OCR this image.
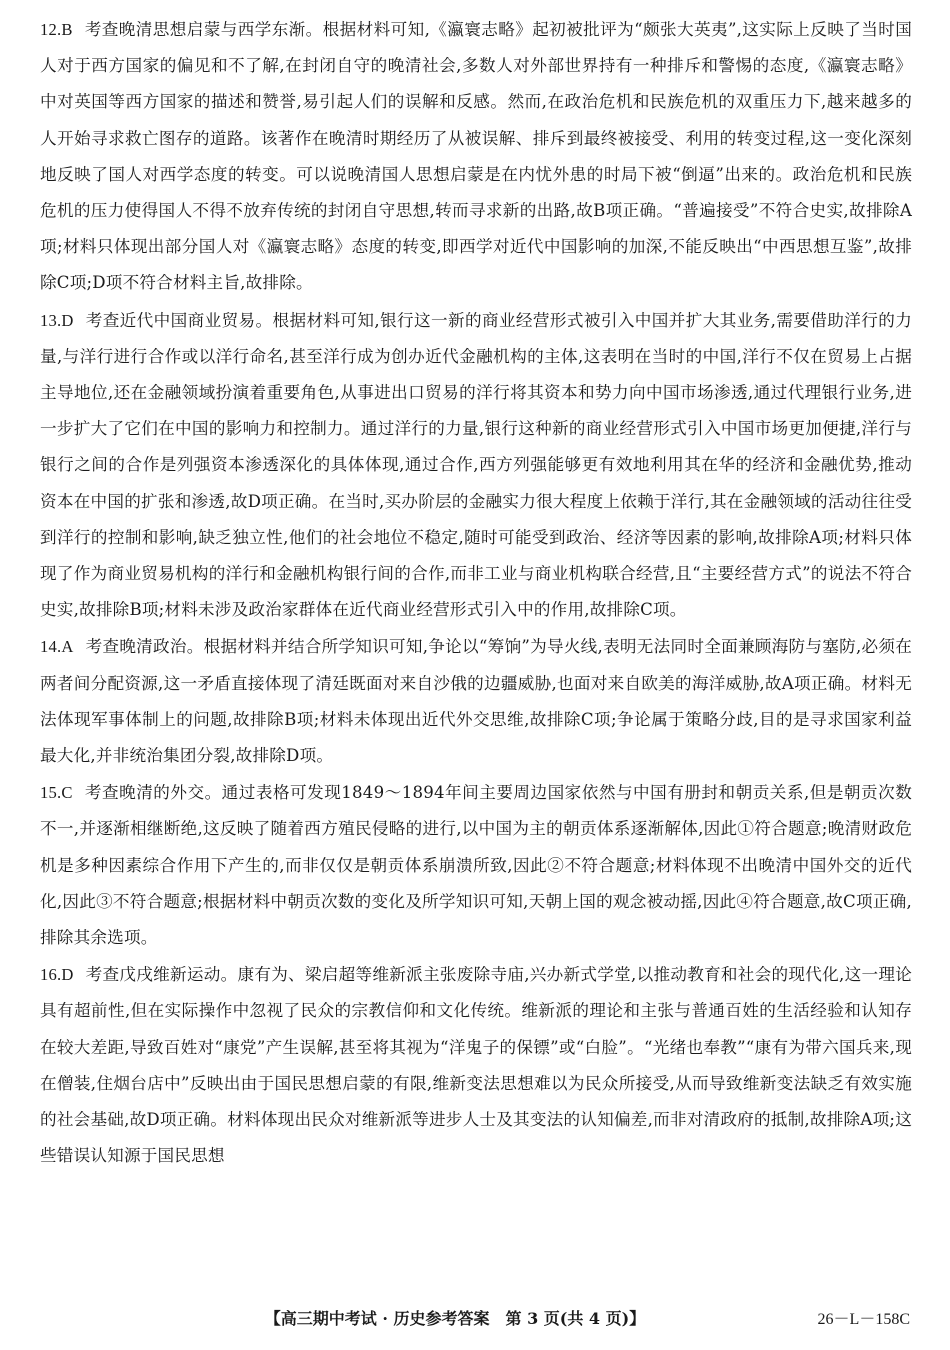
12.B 考查晚清思想启蒙与西学东渐。根据材料可知,《瀛寰志略》起初被批评为“颇张大英夷”,这实际上反映了当时国人对于西方国家的偏见和不了解,在封闭自守的晚清社会,多数人对外部世界持有一种排斥和警惕的态度,《瀛寰志略》中对英国等西方国家的描述和赞誉,易引起人们的误解和反感。然而,在政治危机和民族危机的双重压力下,越来越多的人开始寻求救亡图存的道路。该著作在晚清时期经历了从被误解、排斥到最终被接受、利用的转变过程,这一变化深刻地反映了国人对西学态度的转变。可以说晚清国人思想启蒙是在内忧外患的时局下被“倒逼”出来的。政治危机和民族危机的压力使得国人不得不放弃传统的封闭自守思想,转而寻求新的出路,故B项正确。“普遍接受”不符合史实,故排除A项;材料只体现出部分国人对《瀛寰志略》态度的转变,即西学对近代中国影响的加深,不能反映出“中西思想互鉴”,故排除C项;D项不符合材料主旨,故排除。

13.D 考查近代中国商业贸易。根据材料可知,银行这一新的商业经营形式被引入中国并扩大其业务,需要借助洋行的力量,与洋行进行合作或以洋行命名,甚至洋行成为创办近代金融机构的主体,这表明在当时的中国,洋行不仅在贸易上占据主导地位,还在金融领域扮演着重要角色,从事进出口贸易的洋行将其资本和势力向中国市场渗透,通过代理银行业务,进一步扩大了它们在中国的影响力和控制力。通过洋行的力量,银行这种新的商业经营形式引入中国市场更加便捷,洋行与银行之间的合作是列强资本渗透深化的具体体现,通过合作,西方列强能够更有效地利用其在华的经济和金融优势,推动资本在中国的扩张和渗透,故D项正确。在当时,买办阶层的金融实力很大程度上依赖于洋行,其在金融领域的活动往往受到洋行的控制和影响,缺乏独立性,他们的社会地位不稳定,随时可能受到政治、经济等因素的影响,故排除A项;材料只体现了作为商业贸易机构的洋行和金融机构银行间的合作,而非工业与商业机构联合经营,且“主要经营方式”的说法不符合史实,故排除B项;材料未涉及政治家群体在近代商业经营形式引入中的作用,故排除C项。

14.A 考查晚清政治。根据材料并结合所学知识可知,争论以“筹饷”为导火线,表明无法同时全面兼顾海防与塞防,必须在两者间分配资源,这一矛盾直接体现了清廷既面对来自沙俄的边疆威胁,也面对来自欧美的海洋威胁,故A项正确。材料无法体现军事体制上的问题,故排除B项;材料未体现出近代外交思维,故排除C项;争论属于策略分歧,目的是寻求国家利益最大化,并非统治集团分裂,故排除D项。

15.C 考查晚清的外交。通过表格可发现1849～1894年间主要周边国家依然与中国有册封和朝贡关系,但是朝贡次数不一,并逐渐相继断绝,这反映了随着西方殖民侵略的进行,以中国为主的朝贡体系逐渐解体,因此①符合题意;晚清财政危机是多种因素综合作用下产生的,而非仅仅是朝贡体系崩溃所致,因此②不符合题意;材料体现不出晚清中国外交的近代化,因此③不符合题意;根据材料中朝贡次数的变化及所学知识可知,天朝上国的观念被动摇,因此④符合题意,故C项正确,排除其余选项。

16.D 考查戊戌维新运动。康有为、梁启超等维新派主张废除寺庙,兴办新式学堂,以推动教育和社会的现代化,这一理论具有超前性,但在实际操作中忽视了民众的宗教信仰和文化传统。维新派的理论和主张与普通百姓的生活经验和认知存在较大差距,导致百姓对“康党”产生误解,甚至将其视为“洋鬼子的保镖”或“白脸”。“光绪也奉教”“康有为带六国兵来,现在僧装,住烟台店中”反映出由于国民思想启蒙的有限,维新变法思想难以为民众所接受,从而导致维新变法缺乏有效实施的社会基础,故D项正确。材料体现出民众对维新派等进步人士及其变法的认知偏差,而非对清政府的抵制,故排除A项;这些错误认知源于国民思想

【高三期中考试 · 历史参考答案　第 3 页(共 4 页)】	26－L－158C
